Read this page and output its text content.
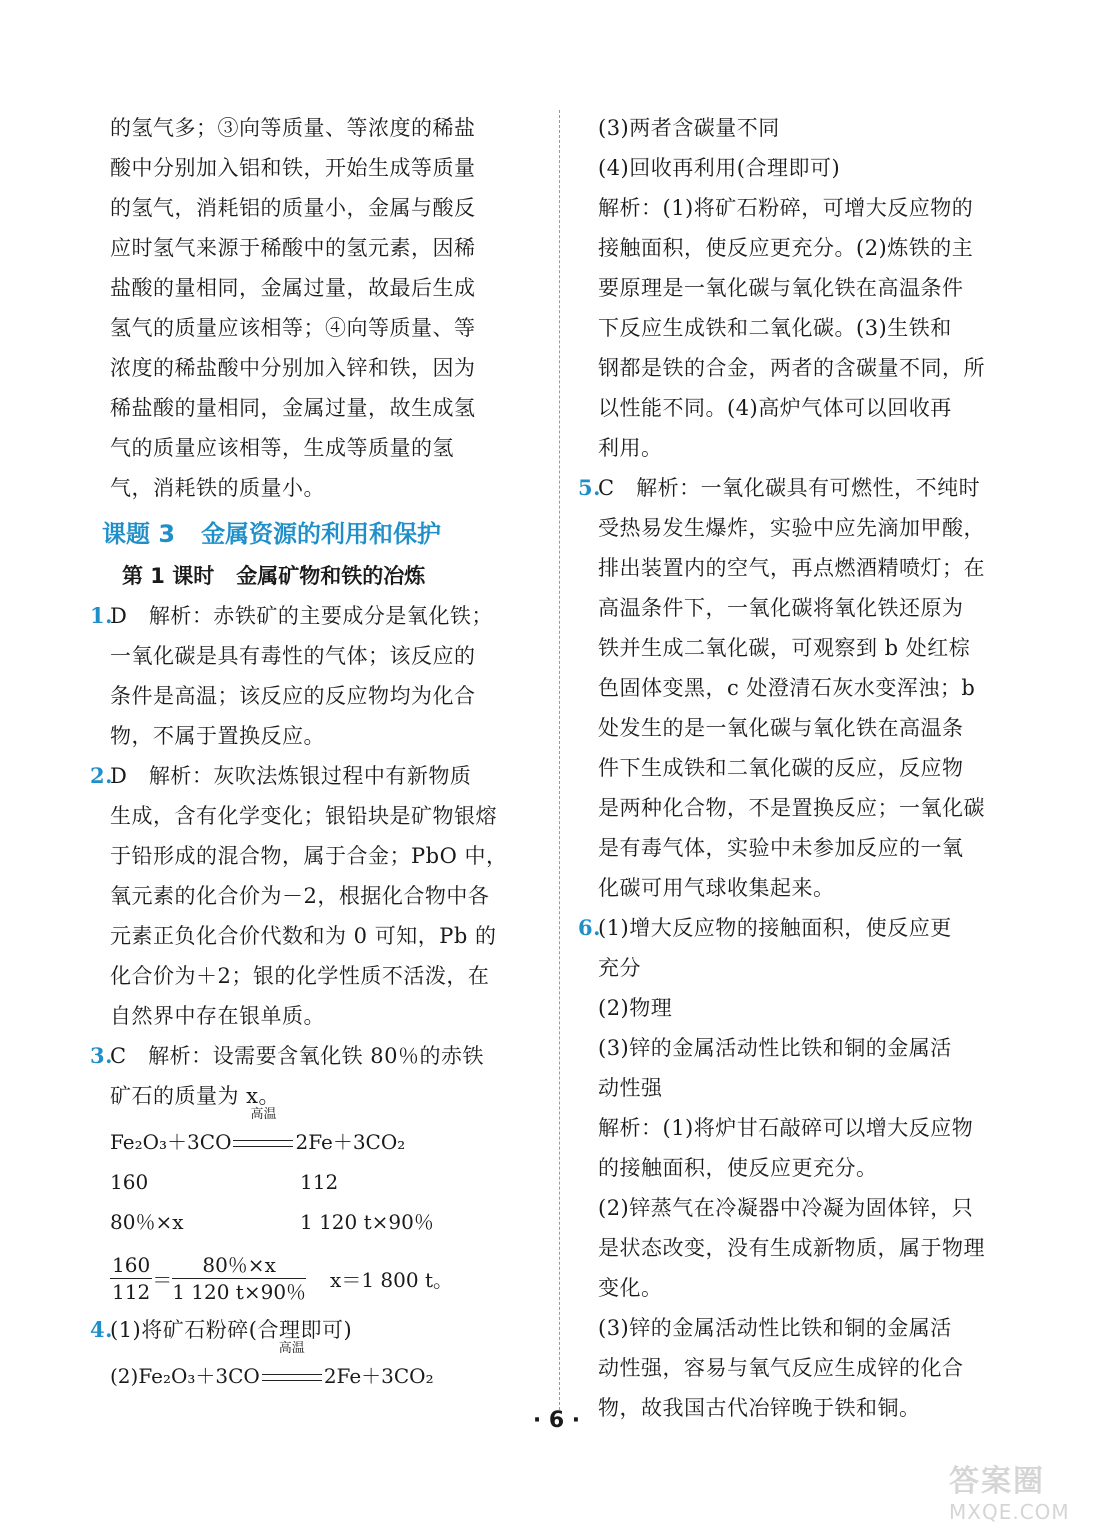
的氢气多；③向等质量、等浓度的稀盐
酸中分别加入铝和铁，开始生成等质量
的氢气，消耗铝的质量小，金属与酸反
应时氢气来源于稀酸中的氢元素，因稀
盐酸的量相同，金属过量，故最后生成
氢气的质量应该相等；④向等质量、等
浓度的稀盐酸中分别加入锌和铁，因为
稀盐酸的量相同，金属过量，故生成氢
气的质量应该相等，生成等质量的氢
气，消耗铁的质量小。
课题 3 金属资源的利用和保护
第 1 课时 金属矿物和铁的冶炼
1.D　解析：赤铁矿的主要成分是氧化铁；
一氧化碳是具有毒性的气体；该反应的
条件是高温；该反应的反应物均为化合
物，不属于置换反应。
2.D　解析：灰吹法炼银过程中有新物质
生成，含有化学变化；银铅块是矿物银熔
于铅形成的混合物，属于合金；PbO 中，
氧元素的化合价为－2，根据化合物中各
元素正负化合价代数和为 0 可知，Pb 的
化合价为＋2；银的化学性质不活泼，在
自然界中存在银单质。
3.C　解析：设需要含氧化铁 80％的赤铁
矿石的质量为 x。
Fe₂O₃＋3CO
高温
2Fe＋3CO₂
160	112
80％×x	1 120 t×90％
$\frac{160}{112} = \frac{80\%\times x}{1 120 t\times 90\%} x=1$ 800 t。
4.(1)将矿石粉碎(合理即可)
(2)Fe₂O₃＋3CO
高温
2Fe＋3CO₂
(3)两者含碳量不同
(4)回收再利用(合理即可)
解析：(1)将矿石粉碎，可增大反应物的
接触面积，使反应更充分。(2)炼铁的主
要原理是一氧化碳与氧化铁在高温条件
下反应生成铁和二氧化碳。(3)生铁和
钢都是铁的合金，两者的含碳量不同，所
以性能不同。(4)高炉气体可以回收再
利用。
5.C　解析：一氧化碳具有可燃性，不纯时
受热易发生爆炸，实验中应先滴加甲酸，
排出装置内的空气，再点燃酒精喷灯；在
高温条件下，一氧化碳将氧化铁还原为
铁并生成二氧化碳，可观察到 b 处红棕
色固体变黑，c 处澄清石灰水变浑浊；b
处发生的是一氧化碳与氧化铁在高温条
件下生成铁和二氧化碳的反应，反应物
是两种化合物，不是置换反应；一氧化碳
是有毒气体，实验中未参加反应的一氧
化碳可用气球收集起来。
6.(1)增大反应物的接触面积，使反应更
充分
(2)物理
(3)锌的金属活动性比铁和铜的金属活
动性强
解析：(1)将炉甘石敲碎可以增大反应物
的接触面积，使反应更充分。
(2)锌蒸气在冷凝器中冷凝为固体锌，只
是状态改变，没有生成新物质，属于物理
变化。
(3)锌的金属活动性比铁和铜的金属活
动性强，容易与氧气反应生成锌的化合
物，故我国古代冶锌晚于铁和铜。
· 6 ·
答案圈
MXQE.COM
